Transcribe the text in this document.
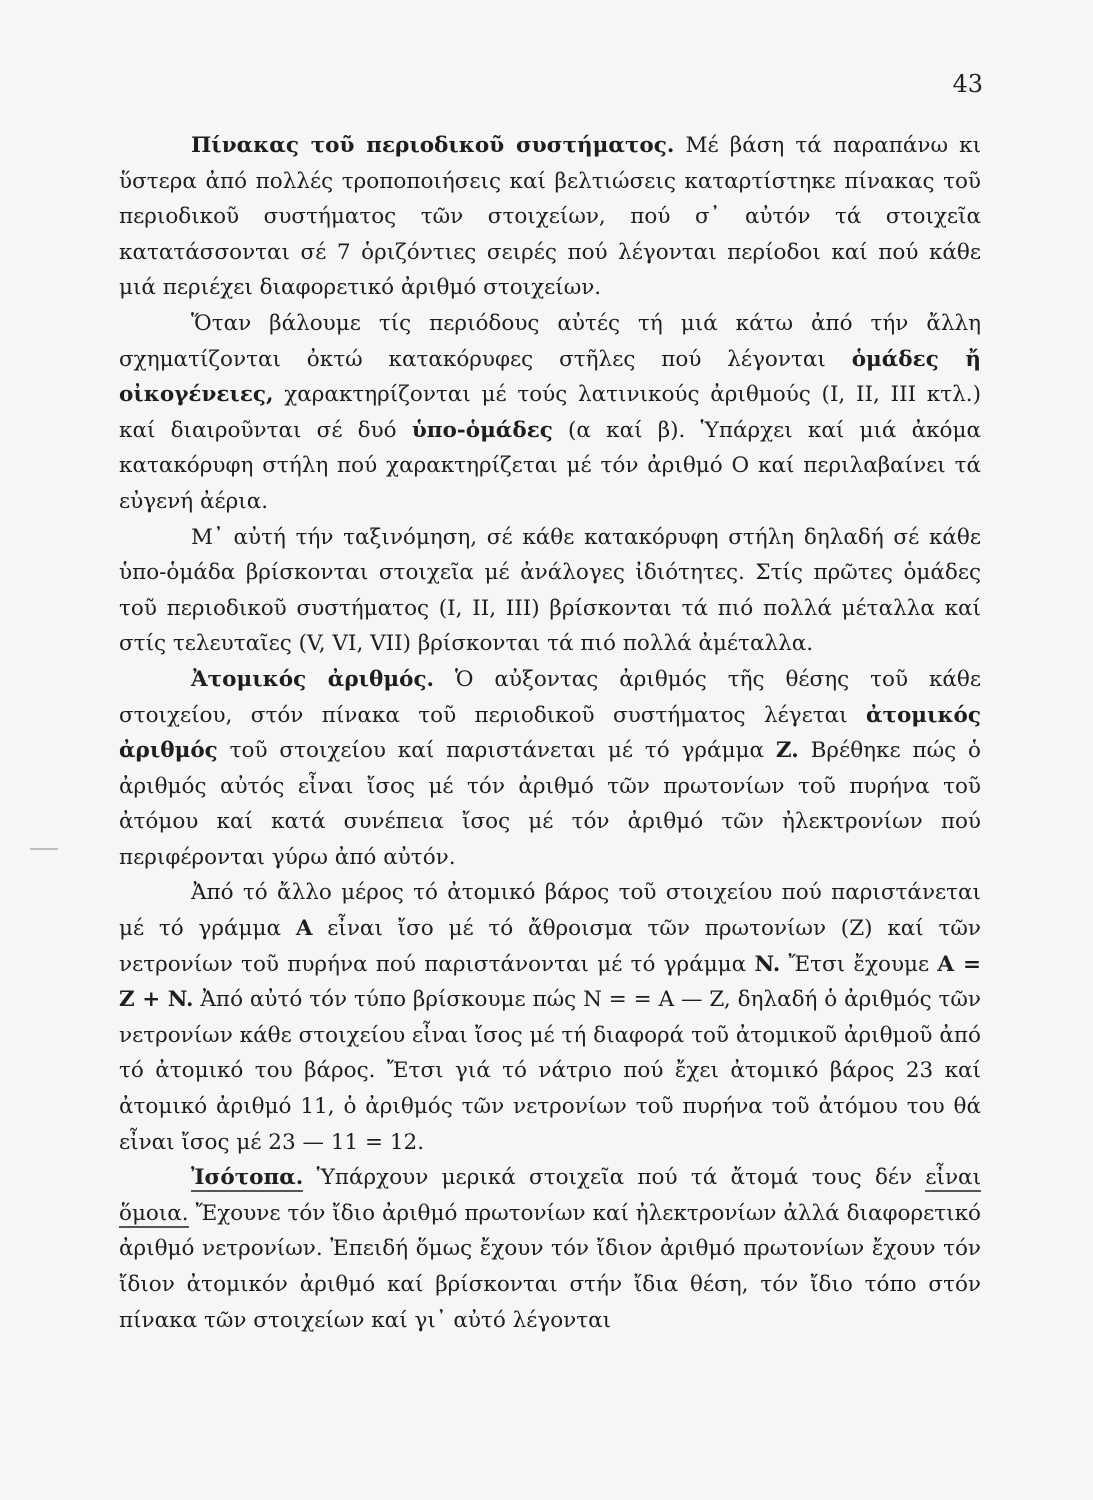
43

Πίνακας τοῦ περιοδικοῦ συστήματος. Μέ βάση τά παραπάνω κι ὕστερα ἀπό πολλές τροποποιήσεις καί βελτιώσεις καταρτίστηκε πίνακας τοῦ περιοδικοῦ συστήματος τῶν στοιχείων, πού σ᾽ αὐτόν τά στοιχεῖα κατατάσσονται σέ 7 ὁριζόντιες σειρές πού λέγονται περίοδοι καί πού κάθε μιά περιέχει διαφορετικό ἀριθμό στοιχείων.

Ὅταν βάλουμε τίς περιόδους αὐτές τή μιά κάτω ἀπό τήν ἄλλη σχηματίζονται ὀκτώ κατακόρυφες στῆλες πού λέγονται ὁμάδες ἤ οἰκογένειες, χαρακτηρίζονται μέ τούς λατινικούς ἀριθμούς (I, II, III κτλ.) καί διαιροῦνται σέ δυό ὑπο-ὁμάδες (α καί β). Ὑπάρχει καί μιά ἀκόμα κατακόρυφη στήλη πού χαρακτηρίζεται μέ τόν ἀριθμό Ο καί περιλαβαίνει τά εὐγενή ἀέρια.

Μ᾽ αὐτή τήν ταξινόμηση, σέ κάθε κατακόρυφη στήλη δηλαδή σέ κάθε ὑπο-ὁμάδα βρίσκονται στοιχεῖα μέ ἀνάλογες ἰδιότητες. Στίς πρῶτες ὁμάδες τοῦ περιοδικοῦ συστήματος (I, II, III) βρίσκονται τά πιό πολλά μέταλλα καί στίς τελευταῖες (V, VI, VII) βρίσκονται τά πιό πολλά ἀμέταλλα.

Ἀτομικός ἀριθμός. Ὁ αὐξοντας ἀριθμός τῆς θέσης τοῦ κάθε στοιχείου, στόν πίνακα τοῦ περιοδικοῦ συστήματος λέγεται ἀτομικός ἀριθμός τοῦ στοιχείου καί παριστάνεται μέ τό γράμμα Z. Βρέθηκε πώς ὁ ἀριθμός αὐτός εἶναι ἴσος μέ τόν ἀριθμό τῶν πρωτονίων τοῦ πυρήνα τοῦ ἀτόμου καί κατά συνέπεια ἴσος μέ τόν ἀριθμό τῶν ἠλεκτρονίων πού περιφέρονται γύρω ἀπό αὐτόν.

Ἀπό τό ἄλλο μέρος τό ἀτομικό βάρος τοῦ στοιχείου πού παριστάνεται μέ τό γράμμα A εἶναι ἴσο μέ τό ἄθροισμα τῶν πρωτονίων (Z) καί τῶν νετρονίων τοῦ πυρήνα πού παριστάνονται μέ τό γράμμα N. Ἔτσι ἔχουμε A = Z + N. Ἀπό αὐτό τόν τύπο βρίσκουμε πώς N = = A — Z, δηλαδή ὁ ἀριθμός τῶν νετρονίων κάθε στοιχείου εἶναι ἴσος μέ τή διαφορά τοῦ ἀτομικοῦ ἀριθμοῦ ἀπό τό ἀτομικό του βάρος. Ἔτσι γιά τό νάτριο πού ἔχει ἀτομικό βάρος 23 καί ἀτομικό ἀριθμό 11, ὁ ἀριθμός τῶν νετρονίων τοῦ πυρήνα τοῦ ἀτόμου του θά εἶναι ἴσος μέ 23 — 11 = 12.

Ἰσότοπα. Ὑπάρχουν μερικά στοιχεῖα πού τά ἄτομά τους δέν εἶναι ὅμοια. Ἔχουνε τόν ἴδιο ἀριθμό πρωτονίων καί ἠλεκτρονίων ἀλλά διαφορετικό ἀριθμό νετρονίων. Ἐπειδή ὅμως ἔχουν τόν ἴδιον ἀριθμό πρωτονίων ἔχουν τόν ἴδιον ἀτομικόν ἀριθμό καί βρίσκονται στήν ἴδια θέση, τόν ἴδιο τόπο στόν πίνακα τῶν στοιχείων καί γι᾽ αὐτό λέγονται
